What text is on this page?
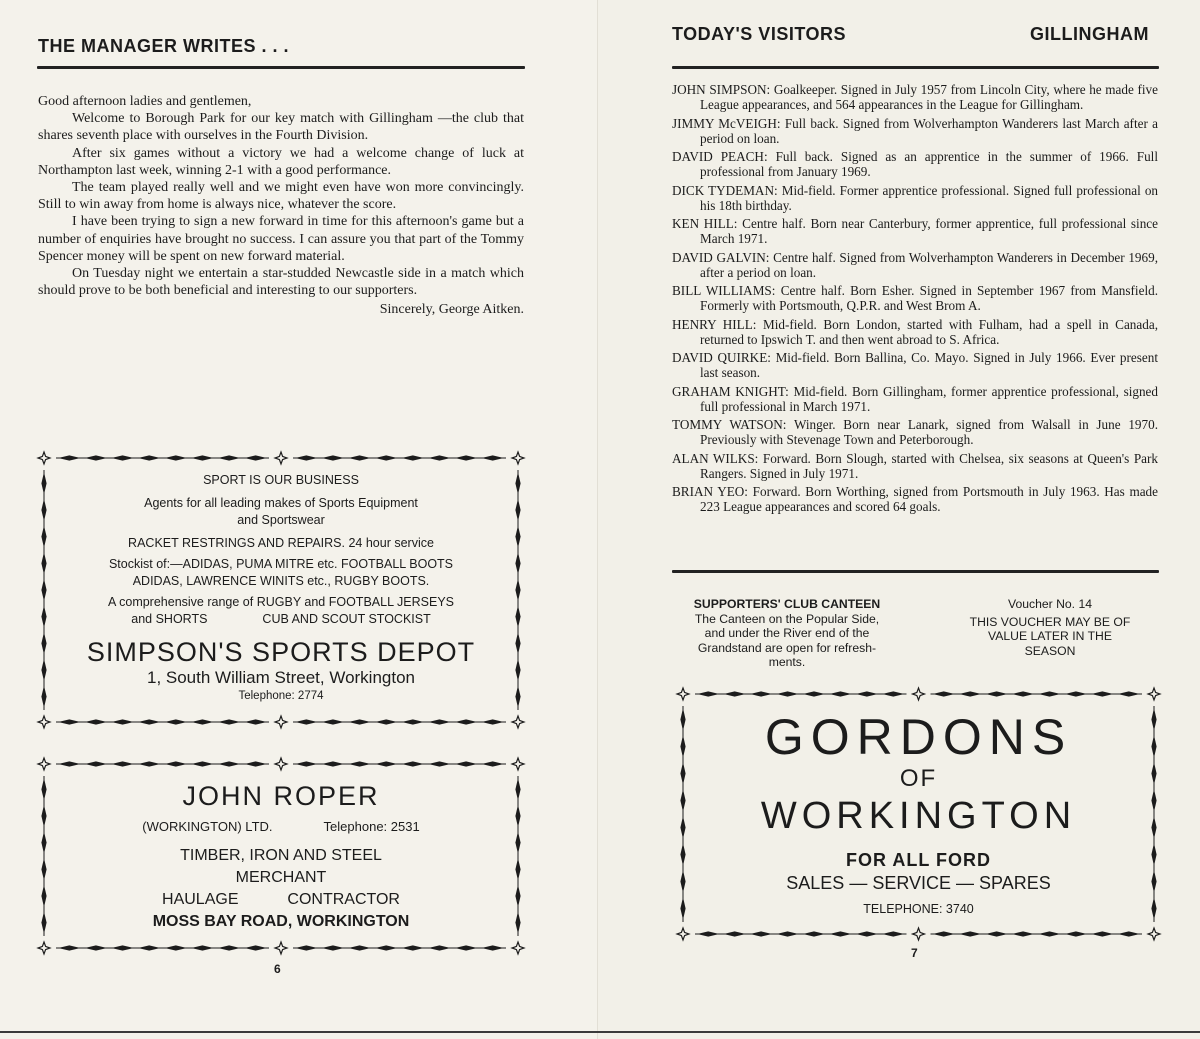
THE MANAGER WRITES . . .

Good afternoon ladies and gentlemen,

Welcome to Borough Park for our key match with Gillingham —the club that shares seventh place with ourselves in the Fourth Division.

After six games without a victory we had a welcome change of luck at Northampton last week, winning 2-1 with a good performance.

The team played really well and we might even have won more convincingly. Still to win away from home is always nice, whatever the score.

I have been trying to sign a new forward in time for this afternoon's game but a number of enquiries have brought no success. I can assure you that part of the Tommy Spencer money will be spent on new forward material.

On Tuesday night we entertain a star-studded Newcastle side in a match which should prove to be both beneficial and interesting to our supporters.

Sincerely, George Aitken.

SPORT IS OUR BUSINESS

Agents for all leading makes of Sports Equipment

and Sportswear

RACKET RESTRINGS AND REPAIRS. 24 hour service

Stockist of:—ADIDAS, PUMA MITRE etc. FOOTBALL BOOTS

ADIDAS, LAWRENCE WINITS etc., RUGBY BOOTS.

A comprehensive range of RUGBY and FOOTBALL JERSEYS

and SHORTS	CUB AND SCOUT STOCKIST

SIMPSON'S SPORTS DEPOT
1, South William Street, Workington
Telephone: 2774
JOHN ROPER

(WORKINGTON) LTD.	Telephone: 2531

TIMBER, IRON AND STEEL
MERCHANT
HAULAGE	CONTRACTOR
MOSS BAY ROAD, WORKINGTON
6
TODAY'S VISITORS	GILLINGHAM

JOHN SIMPSON: Goalkeeper. Signed in July 1957 from Lincoln City, where he made five League appearances, and 564 appearances in the League for Gillingham.

JIMMY McVEIGH: Full back. Signed from Wolverhampton Wanderers last March after a period on loan.

DAVID PEACH: Full back. Signed as an apprentice in the summer of 1966. Full professional from January 1969.

DICK TYDEMAN: Mid-field. Former apprentice professional. Signed full professional on his 18th birthday.

KEN HILL: Centre half. Born near Canterbury, former apprentice, full professional since March 1971.

DAVID GALVIN: Centre half. Signed from Wolverhampton Wanderers in December 1969, after a period on loan.

BILL WILLIAMS: Centre half. Born Esher. Signed in September 1967 from Mansfield. Formerly with Portsmouth, Q.P.R. and West Brom A.

HENRY HILL: Mid-field. Born London, started with Fulham, had a spell in Canada, returned to Ipswich T. and then went abroad to S. Africa.

DAVID QUIRKE: Mid-field. Born Ballina, Co. Mayo. Signed in July 1966. Ever present last season.

GRAHAM KNIGHT: Mid-field. Born Gillingham, former apprentice professional, signed full professional in March 1971.

TOMMY WATSON: Winger. Born near Lanark, signed from Walsall in June 1970. Previously with Stevenage Town and Peterborough.

ALAN WILKS: Forward. Born Slough, started with Chelsea, six seasons at Queen's Park Rangers. Signed in July 1971.

BRIAN YEO: Forward. Born Worthing, signed from Portsmouth in July 1963. Has made 223 League appearances and scored 64 goals.

SUPPORTERS' CLUB CANTEEN
The Canteen on the Popular Side,
and under the River end of the
Grandstand are open for refresh-
ments.
Voucher No. 14
THIS VOUCHER MAY BE OF
VALUE LATER IN THE
SEASON
GORDONS
OF
WORKINGTON
FOR ALL FORD
SALES — SERVICE — SPARES
TELEPHONE: 3740
7
